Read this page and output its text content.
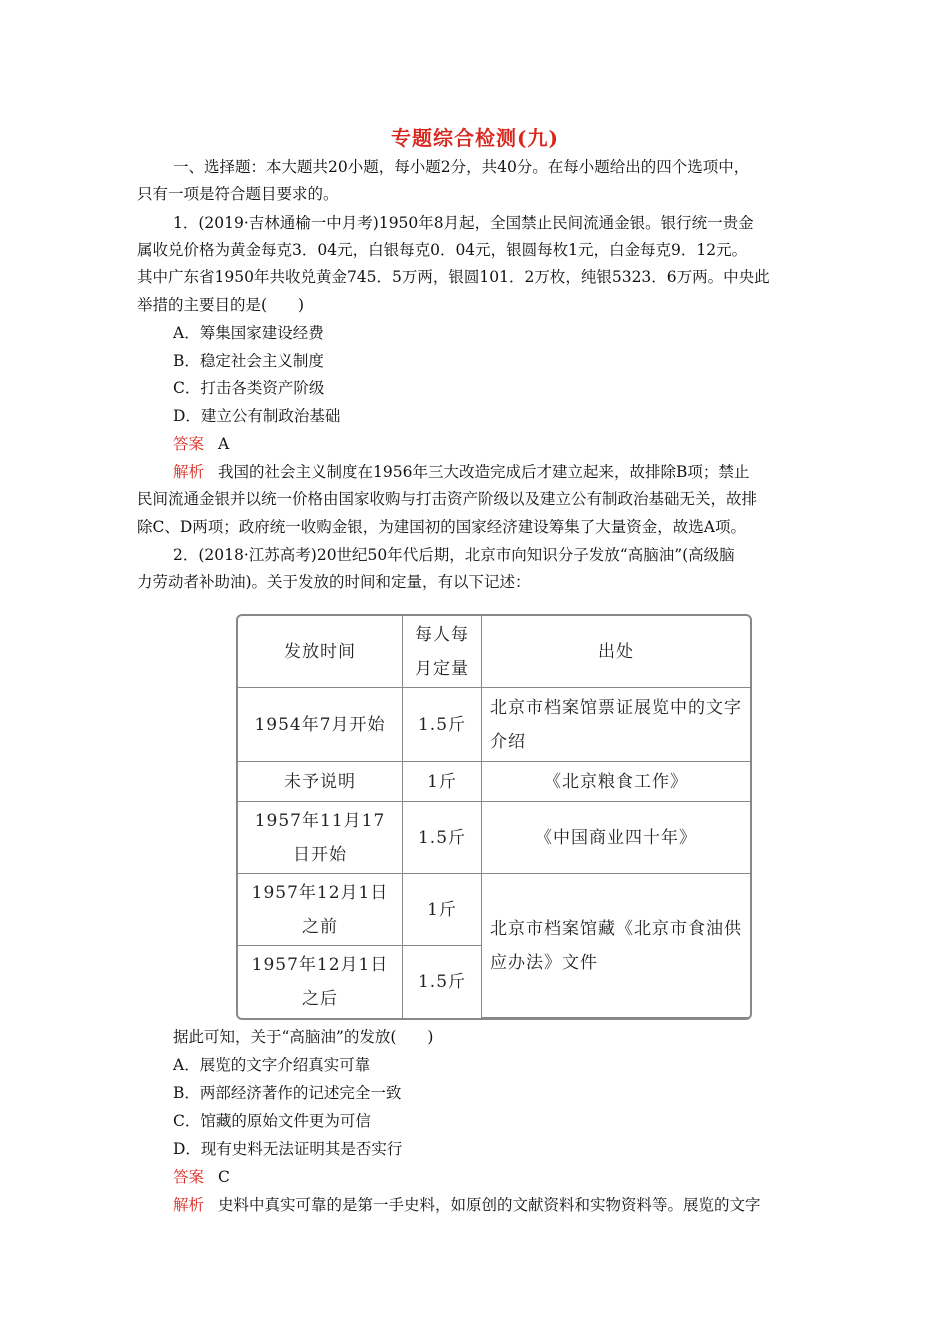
专题综合检测(九)
一、选择题：本大题共20小题，每小题2分，共40分。在每小题给出的四个选项中，
只有一项是符合题目要求的。
1．(2019·吉林通榆一中月考)1950年8月起，全国禁止民间流通金银。银行统一贵金
属收兑价格为黄金每克3．04元，白银每克0．04元，银圆每枚1元，白金每克9．12元。
其中广东省1950年共收兑黄金745．5万两，银圆101．2万枚，纯银5323．6万两。中央此
举措的主要目的是(　　)
A．筹集国家建设经费
B．稳定社会主义制度
C．打击各类资产阶级
D．建立公有制政治基础
答案 A
解析 我国的社会主义制度在1956年三大改造完成后才建立起来，故排除B项；禁止
民间流通金银并以统一价格由国家收购与打击资产阶级以及建立公有制政治基础无关，故排
除C、D两项；政府统一收购金银，为建国初的国家经济建设筹集了大量资金，故选A项。
2．(2018·江苏高考)20世纪50年代后期，北京市向知识分子发放“高脑油”(高级脑
力劳动者补助油)。关于发放的时间和定量，有以下记述：
发放时间	每人每月定量	出处
1954年7月开始	1.5斤	北京市档案馆票证展览中的文字介绍
未予说明	1斤	《北京粮食工作》
1957年11月17日开始	1.5斤	《中国商业四十年》
1957年12月1日之前	1斤	北京市档案馆藏《北京市食油供应办法》文件
1957年12月1日之后	1.5斤	
据此可知，关于“高脑油”的发放(　　)
A．展览的文字介绍真实可靠
B．两部经济著作的记述完全一致
C．馆藏的原始文件更为可信
D．现有史料无法证明其是否实行
答案 C
解析 史料中真实可靠的是第一手史料，如原创的文献资料和实物资料等。展览的文字
